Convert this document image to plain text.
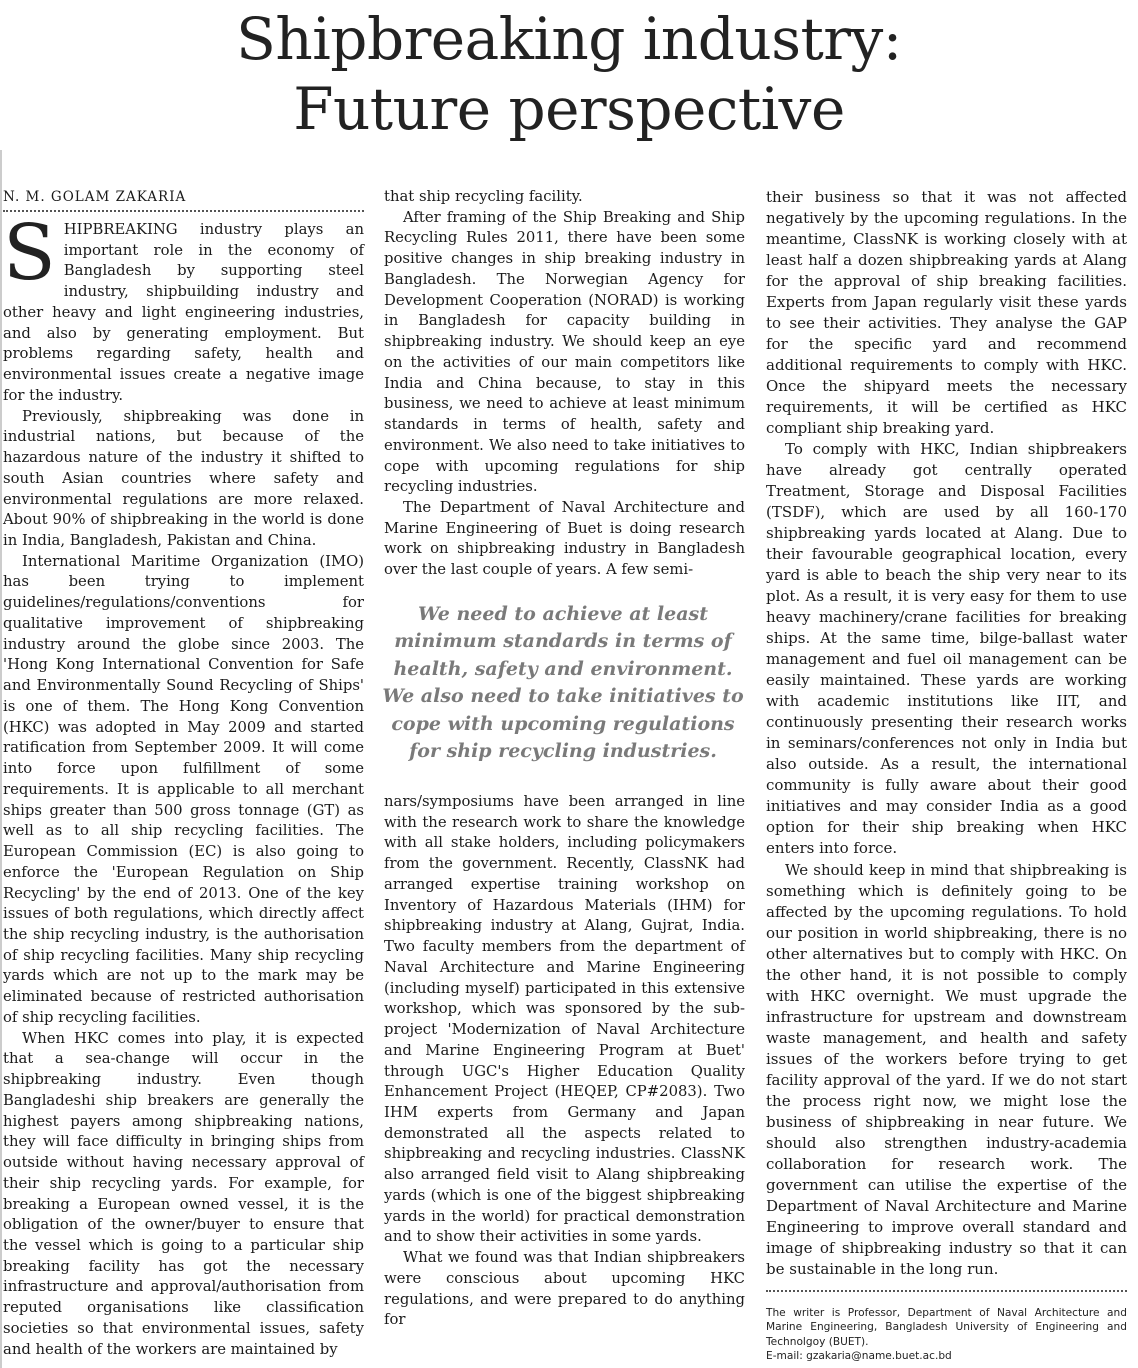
Shipbreaking industry:
Future perspective
N. M. GOLAM ZAKARIA

SHIPBREAKING industry plays an important role in the economy of Bangladesh by supporting steel industry, shipbuilding industry and other heavy and light engineering industries, and also by generating employment. But problems regarding safety, health and environmental issues create a negative image for the industry.

Previously, shipbreaking was done in industrial nations, but because of the hazardous nature of the industry it shifted to south Asian countries where safety and environmental regulations are more relaxed. About 90% of shipbreaking in the world is done in India, Bangladesh, Pakistan and China.

International Maritime Organization (IMO) has been trying to implement guidelines/regulations/conventions for qualitative improvement of shipbreaking industry around the globe since 2003. The 'Hong Kong International Convention for Safe and Environmentally Sound Recycling of Ships' is one of them. The Hong Kong Convention (HKC) was adopted in May 2009 and started ratification from September 2009. It will come into force upon fulfillment of some requirements. It is applicable to all merchant ships greater than 500 gross tonnage (GT) as well as to all ship recycling facilities. The European Commission (EC) is also going to enforce the 'European Regulation on Ship Recycling' by the end of 2013. One of the key issues of both regulations, which directly affect the ship recycling industry, is the authorisation of ship recycling facilities. Many ship recycling yards which are not up to the mark may be eliminated because of restricted authorisation of ship recycling facilities.

When HKC comes into play, it is expected that a sea-change will occur in the shipbreaking industry. Even though Bangladeshi ship breakers are generally the highest payers among shipbreaking nations, they will face difficulty in bringing ships from outside without having necessary approval of their ship recycling yards. For example, for breaking a European owned vessel, it is the obligation of the owner/buyer to ensure that the vessel which is going to a particular ship breaking facility has got the necessary infrastructure and approval/authorisation from reputed organisations like classification societies so that environmental issues, safety and health of the workers are maintained by

that ship recycling facility.

After framing of the Ship Breaking and Ship Recycling Rules 2011, there have been some positive changes in ship breaking industry in Bangladesh. The Norwegian Agency for Development Cooperation (NORAD) is working in Bangladesh for capacity building in shipbreaking industry. We should keep an eye on the activities of our main competitors like India and China because, to stay in this business, we need to achieve at least minimum standards in terms of health, safety and environment. We also need to take initiatives to cope with upcoming regulations for ship recycling industries.

The Department of Naval Architecture and Marine Engineering of Buet is doing research work on shipbreaking industry in Bangladesh over the last couple of years. A few semi-

We need to achieve at least minimum standards in terms of health, safety and environment. We also need to take initiatives to cope with upcoming regulations for ship recycling industries.

nars/symposiums have been arranged in line with the research work to share the knowledge with all stake holders, including policymakers from the government. Recently, ClassNK had arranged expertise training workshop on Inventory of Hazardous Materials (IHM) for shipbreaking industry at Alang, Gujrat, India. Two faculty members from the department of Naval Architecture and Marine Engineering (including myself) participated in this extensive workshop, which was sponsored by the sub-project 'Modernization of Naval Architecture and Marine Engineering Program at Buet' through UGC's Higher Education Quality Enhancement Project (HEQEP, CP#2083). Two IHM experts from Germany and Japan demonstrated all the aspects related to shipbreaking and recycling industries. ClassNK also arranged field visit to Alang shipbreaking yards (which is one of the biggest shipbreaking yards in the world) for practical demonstration and to show their activities in some yards.

What we found was that Indian shipbreakers were conscious about upcoming HKC regulations, and were prepared to do anything for

their business so that it was not affected negatively by the upcoming regulations. In the meantime, ClassNK is working closely with at least half a dozen shipbreaking yards at Alang for the approval of ship breaking facilities. Experts from Japan regularly visit these yards to see their activities. They analyse the GAP for the specific yard and recommend additional requirements to comply with HKC. Once the shipyard meets the necessary requirements, it will be certified as HKC compliant ship breaking yard.

To comply with HKC, Indian shipbreakers have already got centrally operated Treatment, Storage and Disposal Facilities (TSDF), which are used by all 160-170 shipbreaking yards located at Alang. Due to their favourable geographical location, every yard is able to beach the ship very near to its plot. As a result, it is very easy for them to use heavy machinery/crane facilities for breaking ships. At the same time, bilge-ballast water management and fuel oil management can be easily maintained. These yards are working with academic institutions like IIT, and continuously presenting their research works in seminars/conferences not only in India but also outside. As a result, the international community is fully aware about their good initiatives and may consider India as a good option for their ship breaking when HKC enters into force.

We should keep in mind that shipbreaking is something which is definitely going to be affected by the upcoming regulations. To hold our position in world shipbreaking, there is no other alternatives but to comply with HKC. On the other hand, it is not possible to comply with HKC overnight. We must upgrade the infrastructure for upstream and downstream waste management, and health and safety issues of the workers before trying to get facility approval of the yard. If we do not start the process right now, we might lose the business of shipbreaking in near future. We should also strengthen industry-academia collaboration for research work. The government can utilise the expertise of the Department of Naval Architecture and Marine Engineering to improve overall standard and image of shipbreaking industry so that it can be sustainable in the long run.

The writer is Professor, Department of Naval Architecture and Marine Engineering, Bangladesh University of Engineering and Technolgoy (BUET).
E-mail: gzakaria@name.buet.ac.bd
